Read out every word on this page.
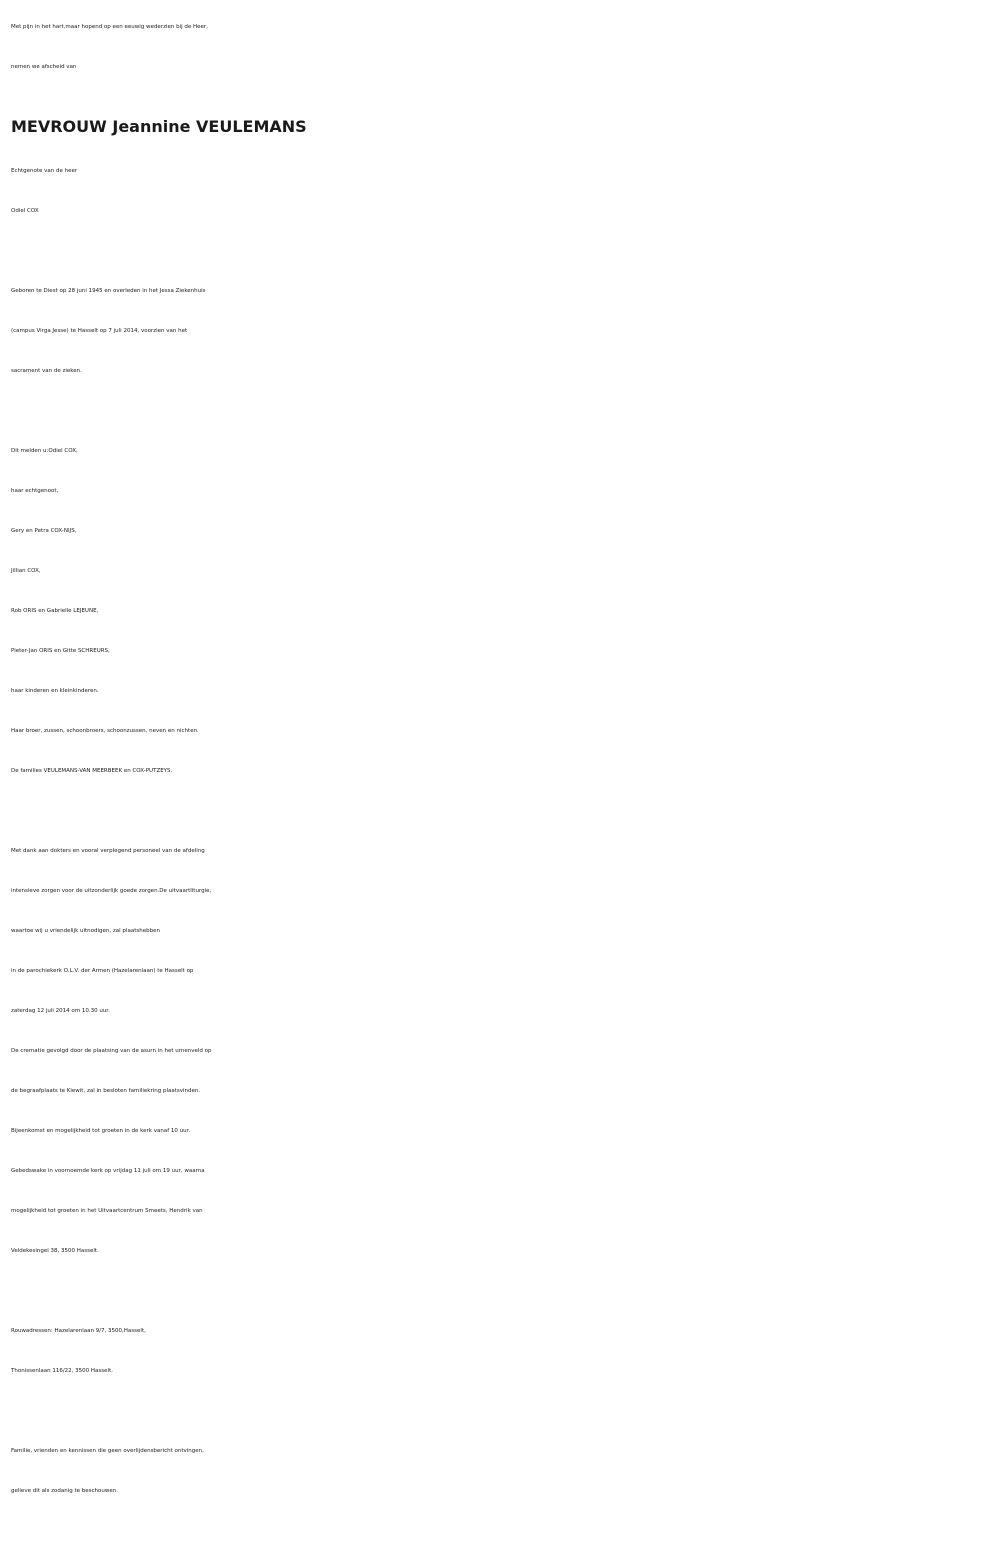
Met pijn in het hart,maar hopend op een eeuwig wederzien bij de Heer,
nemen we afscheid van
MEVROUW Jeannine VEULEMANS
Echtgenote van de heer
Odiel COX
Geboren te Diest op 28 juni 1945 en overleden in het Jessa Ziekenhuis
(campus Virga Jesse) te Hasselt op 7 juli 2014, voorzien van het
sacrament van de zieken.
Dit melden u:Odiel COX,
haar echtgenoot,
Gery en Petra COX-NIJS,
Jillian COX,
Rob ORIS en Gabrielle LEJEUNE,
Pieter-Jan ORIS en Gitte SCHREURS,
haar kinderen en kleinkinderen.
Haar broer, zussen, schoonbroers, schoonzussen, neven en nichten.
De families VEULEMANS-VAN MEERBEEK en COX-PUTZEYS.
Met dank aan dokters en vooral verplegend personeel van de afdeling
intensieve zorgen voor de uitzonderlijk goede zorgen.De uitvaartliturgie,
waartoe wij u vriendelijk uitnodigen, zal plaatshebben
in de parochiekerk O.L.V. der Armen (Hazelarenlaan) te Hasselt op
zaterdag 12 juli 2014 om 10.30 uur.
De crematie gevolgd door de plaatsing van de asurn in het urnenveld op
de begraafplaats te Kiewit, zal in besloten familiekring plaatsvinden.
Bijeenkomst en mogelijkheid tot groeten in de kerk vanaf 10 uur.
Gebedswake in voornoemde kerk op vrijdag 11 juli om 19 uur, waarna
mogelijkheid tot groeten in het Uitvaartcentrum Smeets, Hendrik van
Veldekesingel 38, 3500 Hasselt.
Rouwadressen: Hazelarenlaan 9/7, 3500,Hasselt,
Thonissenlaan 116/22, 3500 Hasselt.
Familie, vrienden en kennissen die geen overlijdensbericht ontvingen,
gelieve dit als zodanig te beschouwen.
